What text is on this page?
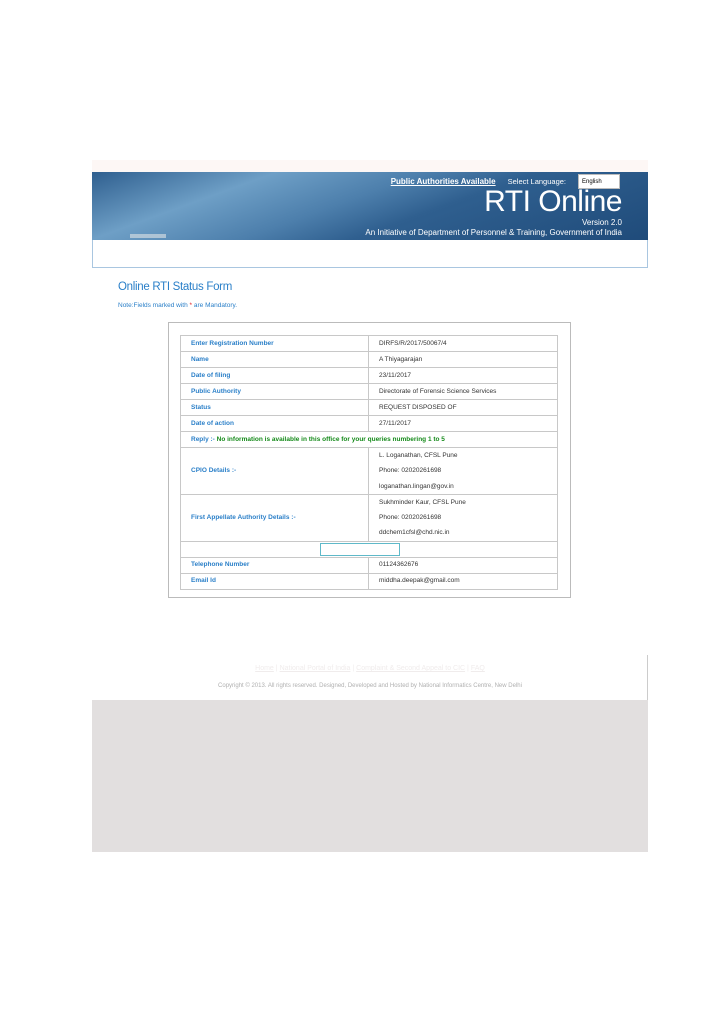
Public Authorities Available Select Language:	English
RTI Online
Version 2.0
An Initiative of Department of Personnel & Training, Government of India
Online RTI Status Form
Note:Fields marked with * are Mandatory.
Enter Registration Number	DIRFS/R/2017/50067/4
Name	A Thiyagarajan
Date of filing	23/11/2017
Public Authority	Directorate of Forensic Science Services
Status	REQUEST DISPOSED OF
Date of action	27/11/2017
Reply :- No information is available in this office for your queries numbering 1 to 5	
CPIO Details :-	L. Loganathan, CFSL Pune
Phone: 02020261698
loganathan.lingan@gov.in

First Appellate Authority Details :-	Sukhminder Kaur, CFSL Pune
Phone: 02020261698
ddchem1cfsl@chd.nic.in

Telephone Number	01124362676
Email Id	middha.deepak@gmail.com
Home | National Portal of India | Complaint & Second Appeal to CIC | FAQ
Copyright © 2013. All rights reserved. Designed, Developed and Hosted by National Informatics Centre, New Delhi
